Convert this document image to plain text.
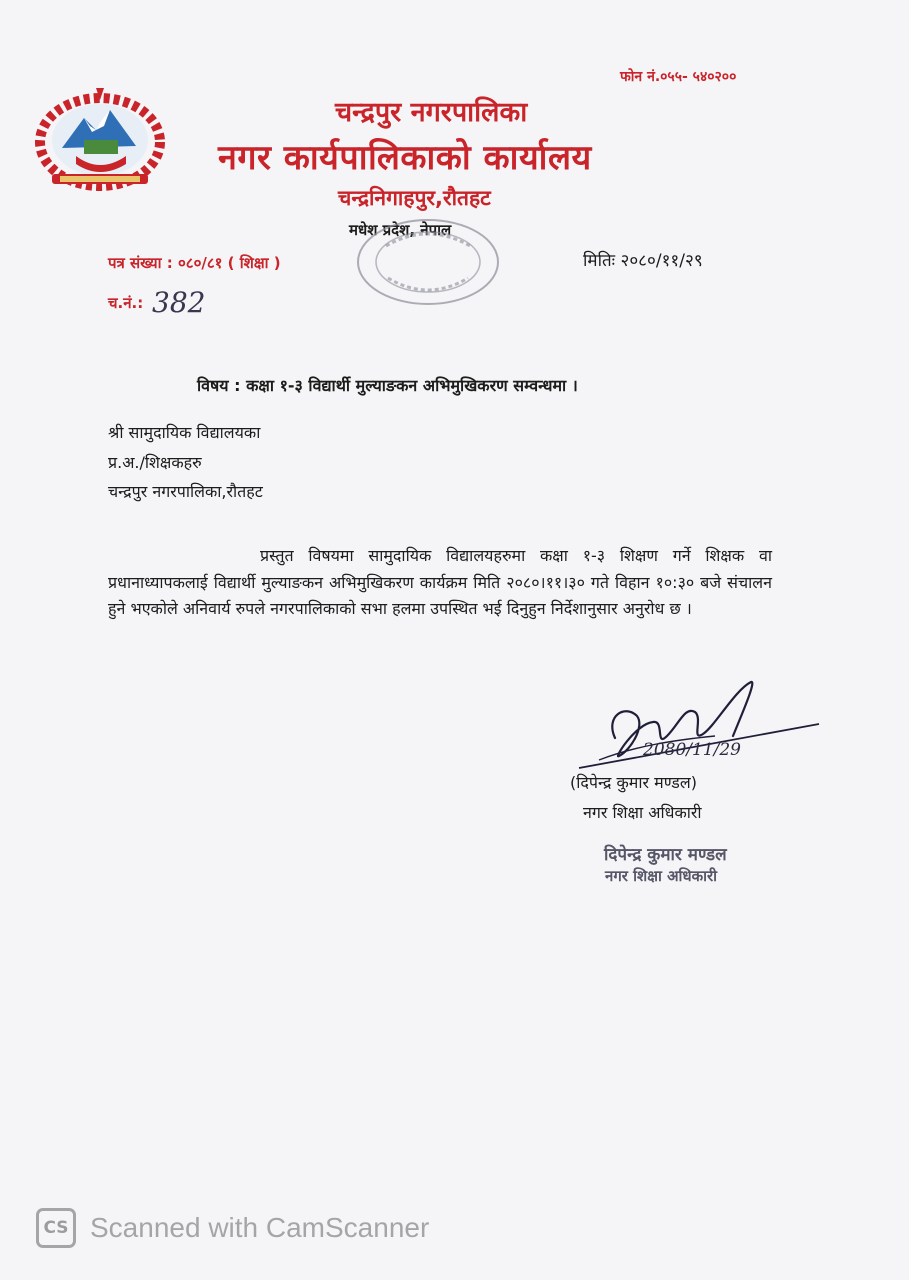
फोन नं.०५५- ५४०२००
चन्द्रपुर नगरपालिका
नगर कार्यपालिकाको कार्यालय
चन्द्रनिगाहपुर,रौतहट
मधेश प्रदेश, नेपाल
पत्र संख्या : ०८०/८१ ( शिक्षा )	मितिः २०८०/११/२९
च.नं.: 382
विषय : कक्षा १-३ विद्यार्थी मुल्याङकन अभिमुखिकरण सम्वन्धमा ।
श्री सामुदायिक विद्यालयका
प्र.अ./शिक्षकहरु
चन्द्रपुर नगरपालिका,रौतहट
प्रस्तुत विषयमा सामुदायिक विद्यालयहरुमा कक्षा १-३ शिक्षण गर्ने शिक्षक वा प्रधानाध्यापकलाई विद्यार्थी मुल्याङकन अभिमुखिकरण कार्यक्रम मिति २०८०।११।३० गते विहान १०:३० बजे संचालन हुने भएकोले अनिवार्य रुपले नगरपालिकाको सभा हलमा उपस्थित भई दिनुहुन निर्देशानुसार अनुरोध छ ।
2080/11/29
(दिपेन्द्र कुमार मण्डल)
नगर शिक्षा अधिकारी
दिपेन्द्र कुमार मण्डल
नगर शिक्षा अधिकारी
CS Scanned with CamScanner
